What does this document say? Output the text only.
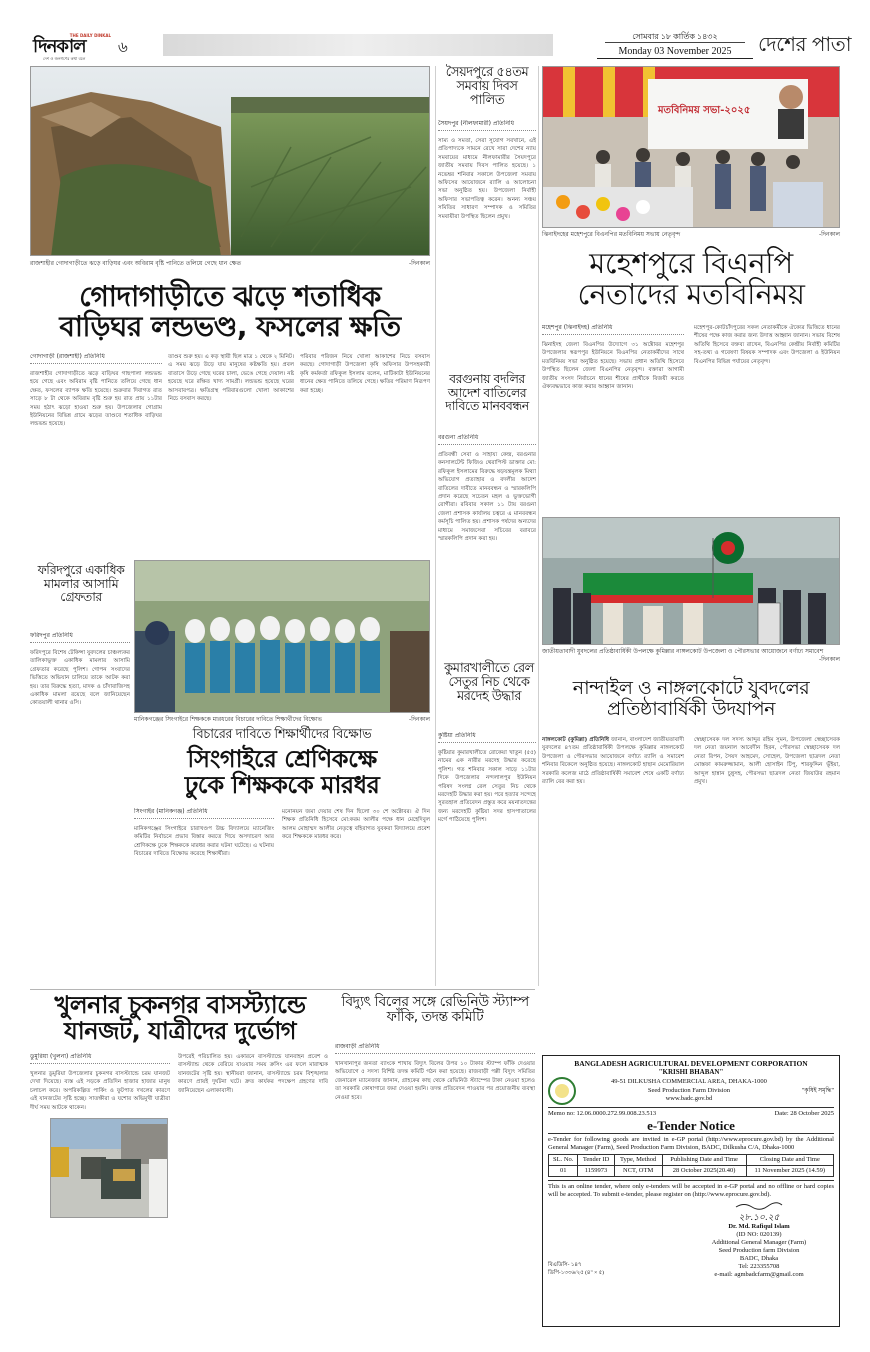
THE DAILY DINKAL
দিনকাল
দেশ ও জনগণের কথা বলে
৬
সোমবার ১৮ কার্তিক ১৪৩২
Monday 03 November 2025	দেশের পাতা
রাজশাহীর গোদাগাড়ীতে ঝড়ে বাড়িঘর এবং অবিরাম বৃষ্টি পানিতে তলিয়ে গেছে ধান ক্ষেত	-দিনকাল
গোদাগাড়ীতে ঝড়ে শতাধিক
বাড়িঘর লন্ডভণ্ড, ফসলের ক্ষতি
গোদাগাড়ী (রাজশাহী) প্রতিনিধি
রাজশাহীর গোদাগাড়ীতে ঝড়ে বাড়িঘর গাছপালা লন্ডভন্ড হয়ে গেছে এবং অবিরাম বৃষ্টি পানিতে তলিয়ে গেছে ধান ক্ষেত, ফসলের ব্যাপক ক্ষতি হয়েছে। শুক্রবার দিবাগত রাত সাড়ে ৮ টা থেকে অবিরাম বৃষ্টি শুরু হয় রাত প্রায় ১১টার সময় হঠাৎ ঝড়ো হাওয়া শুরু হয়। উপজেলার গোগ্রাম ইউনিয়নের বিভিন্ন গ্রামে ঝড়ের তাণ্ডবে শতাধিক বাড়িঘর লন্ডভন্ড হয়েছে।
তাণ্ডব শুরু হয়। এ কড় স্থায়ী ছিল মাত্র ১ থেকে ২ মিনিট। এ সময় ঝড়ে উড়ে যায় মানুষের কষ্টক্ষতি হয়। প্রবল বাতাসে উড়ে গেছে ঘরের চালা, ভেঙে গেছে দেয়াল। নষ্ট হয়েছে ঘরে রক্ষিত খাদ্য সামগ্রী। লন্ডভন্ড হয়েছে ঘরের আসবাবপত্র। ক্ষতিগ্রস্থ পরিবারগুলো খোলা আকাশের নিচে বসবাস করছে।
পরিবার পরিজন নিয়ে খোলা আকাশের নিচে বসবাস করছে। গোদাগাড়ী উপজেলা কৃষি অফিসার উপসহকারী কৃষি কর্মকর্তা রফিকুল ইসলাম বলেন, মাটিকাটা ইউনিয়নের ধানের ক্ষেত পানিতে তলিয়ে গেছে। ক্ষতির পরিমাণ নিরূপণ করা হচ্ছে।
সৈয়দপুরে ৫৪তম সমবায় দিবস পালিত
সৈয়দপুর (নীলফামারী) প্রতিনিধি
সাম্য ও সমতা, সেরা সুযোগ সবখানে, এই প্রতিপাদ্যকে সামনে রেখে সারা দেশের ন্যায় সমবায়ের মাধ্যমে নীলফামারীর সৈয়দপুরে জাতীয় সমবায় দিবস পালিত হয়েছে। ১ নভেম্বর শনিবার সকালে উপজেলা সমবায় অফিসের আয়োজনে র‍্যালি ও আলোচনা সভা অনুষ্ঠিত হয়। উপজেলা নির্বাহী অফিসার সভাপতিত্ব করেন। অনন্য সঞ্চয় সমিতির সাধারণ সম্পাদক ও সমিতির সমবায়ীরা উপস্থিত ছিলেন প্রমুখ।
বরগুনায় বদলির আদেশ বাতিলের দাবিতে মানববন্ধন
বরগুনা প্রতিনিধি
প্রতিবন্ধী সেবা ও সাহায্য কেন্দ্র, বরগুনার কনসালটেন্ট ফিজিও থেরাপিস্ট ডাক্তার মো: রফিকুল ইসলামের বিরুদ্ধে ষড়যন্ত্রমূলক মিথ্যা অভিযোগ প্রত্যাহার ও বদলীর আদেশ বাতিলের দাবীতে মানববন্ধন ও স্মারকলিপি প্রদান করেছে সচেতন মহল ও ভুক্তভোগী রোগীরা। রবিবার সকাল ১১ টায় বরগুনা জেলা প্রশাসক কার্যালয় চত্বরে এ মানববন্ধন কর্মসূচি পালিত হয়। প্রশাসক পর্ষদের অন্যদের মাধ্যমে সমাজসেবা সচিবের বরাবরে স্মারকলিপি প্রদান করা হয়।
ফরিদপুরে একাধিক মামলার আসামি গ্রেফতার
ফরিদপুর প্রতিনিধি
ফরিদপুরে বিশেষ টেকিন্সা যুবদলের চাঞ্চল্যকর তালিকাভুক্ত একাধিক মামলার আসামি গ্রেফতার করেছে পুলিশ। গোপন সংবাদের ভিত্তিতে অভিযান চালিয়ে তাকে আটক করা হয়। তার বিরুদ্ধে হত্যা, মাদক ও চাঁদাবাজিসহ একাধিক মামলা রয়েছে বলে জানিয়েছেন কোতয়ালী থানার ওসি।
মানিকগঞ্জের সিংগাইরে শিক্ষককে মারধরের বিচারের দাবিতে শিক্ষার্থীদের বিক্ষোভ	-দিনকাল
বিচারের দাবিতে শিক্ষার্থীদের বিক্ষোভ
সিংগাইরে শ্রেণিকক্ষে
ঢুকে শিক্ষককে মারধর
সিংগাইর (মানিকগঞ্জ) প্রতিনিধি
মানিকগঞ্জের সিংগাইরে চারাখণ্ডপ উচ্চ বিদ্যালয়ে ম্যানেজিং কমিটির নির্বাচনে প্রভাব বিস্তার করতে গিয়ে অসদাচরণ আর শ্রেণিকক্ষে ঢুকে শিক্ষককে মারধর করার ঘটনা ঘটেছে। এ ঘটনায় বিচারের দাবিতে বিক্ষোভ করেছে শিক্ষার্থীরা।
মনোনয়ন জমা দেয়ার শেষ দিন ছিলো ৩০ শে অক্টোবর। ঐ দিন শিক্ষক প্রতিনিধি হিসেবে মো:করম আলীর পক্ষে ধান মেহেদিবুল আলম মোহাম্মদ আলীর নেতৃত্বে বহিরাগত যুবকরা বিদ্যালয়ে প্রবেশ করে শিক্ষককে মারধর করে।
কুমারখালীতে রেল সেতুর নিচ থেকে মরদেহ উদ্ধার
কুষ্টিয়া প্রতিনিধি
কুষ্টিয়ার কুমারখালীতে রোকেয়া খাতুন (৫৫) নামের এক নারীর মরদেহ উদ্ধার করেছে পুলিশ। গত শনিবার সকাল সাড়ে ১১টার দিকে উপজেলার নন্দলালপুর ইউনিয়ন পরিষদ সংলগ্ন রেল সেতুর নিচ থেকে মরদেহটি উদ্ধার করা হয়। পরে হত্যার সন্দেহে সুরতহাল প্রতিবেদন প্রস্তুত করে ময়নাতদন্তের জন্য মরদেহটি কুষ্টিয়া সদর হাসপাতালের মর্গে পাঠিয়েছে পুলিশ।
মতবিনিময় সভা-২০২৫
ঝিনাইদহের মহেশপুরে বিএনপির মতবিনিময় সভায় নেতৃবৃন্দ	-দিনকাল
মহেশপুরে বিএনপি
নেতাদের মতবিনিময়
মহেশপুর (ঝিনাইদহ) প্রতিনিধি
ঝিনাইদহ জেলা বিএনপির উদ্যোগে ৩১ অক্টোবর মহেশপুর উপজেলার স্বরূপপুর ইউনিয়নে বিএনপির নেতাকর্মীদের সাথে মতবিনিময় সভা অনুষ্ঠিত হয়েছে। সভায় প্রধান অতিথি হিসেবে উপস্থিত ছিলেন জেলা বিএনপির নেতৃবৃন্দ। বক্তারা আগামী জাতীয় সংসদ নির্বাচনে ধানের শীষের প্রার্থীকে বিজয়ী করতে ঐক্যবদ্ধভাবে কাজ করার আহ্বান জানান।
মহেশপুর-কোটচাঁদপুরের সকল নেতাকর্মীকে ঐক্যের ভিত্তিতে ধানের শীষের পক্ষে কাজ করার জন্য উদাত্ত আহ্বান জানান। সভায় বিশেষ অতিথি হিসেবে বক্তব্য রাখেন, বিএনপির কেন্দ্রীয় নির্বাহী কমিটির সহ-তথ্য ও গবেষণা বিষয়ক সম্পাদক এবং উপজেলা ও ইউনিয়ন বিএনপির বিভিন্ন পর্যায়ের নেতৃবৃন্দ।
জাতীয়তাবাদী যুবদলের প্রতিষ্ঠাবার্ষিকী উপলক্ষে কুমিল্লার নাঙ্গলকোট উপজেলা ও পৌরসভার আয়োজনে বর্ণাঢ্য সমাবেশ
-দিনকাল
নান্দাইল ও নাঙ্গলকোটে যুবদলের
প্রতিষ্ঠাবার্ষিকী উদযাপন
নাঙ্গলকোট (কুমিল্লা) প্রতিনিধি জানান, বাংলাদেশ জাতীয়তাবাদী যুবদলের ৪৭তম প্রতিষ্ঠাবার্ষিকী উপলক্ষে কুমিল্লার নাঙ্গলকোট উপজেলা ও পৌরসভার আয়োজনে বর্ণাঢ্য র‍্যালি ও সমাবেশ শনিবার বিকেলে অনুষ্ঠিত হয়েছে। নাঙ্গলকোট হাছান মেমোরিয়াল সরকারি কলেজ মাঠে প্রতিষ্ঠাবার্ষিকী সমাবেশ শেষে একটি বর্ণাঢ্য র‍্যালি বের করা হয়।
স্বেচ্ছাসেবক দল সদস্য আব্দুর রহিম সুমন, উপজেলা স্বেচ্ছাসেবক দল নেতা জয়নাল আবেদীন হিরন, পৌরসভা স্বেচ্ছাসেবক দল নেতা রিপন, সৈয়দ আহমেদ, সোহেল, উপজেলা ছাত্রদল নেতা মোস্তফা কামরুজ্জামান, আলী হোসাইন টিপু, শারফুদ্দিন ভূঁইয়া, আব্দুল হান্নান চুন্নুসহ, পৌরসভা ছাত্রদল নেতা জিয়াউর রহমান প্রমুখ।
খুলনার চুকনগর বাসস্ট্যান্ডে
যানজট, যাত্রীদের দুর্ভোগ
ডুমুরিয়া (খুলনা) প্রতিনিধি
খুলনার ডুমুরিয়া উপজেলার চুকনগর বাসস্ট্যান্ডে চরম যানজট দেখা দিয়েছে। ব্যস্ত এই সড়কে প্রতিদিন হাজার হাজার মানুষ চলাচল করে। অপরিকল্পিত পার্কিং ও ফুটপাত দখলের কারণে এই যানজটের সৃষ্টি হচ্ছে। সাতক্ষীরা ও যশোর অভিমুখী যাত্রীরা দীর্ঘ সময় আটকে থাকেন।
উপরেই পরিচালিত হয়। একারনে বাসস্ট্যান্ডে যানবাহন প্রবেশ ও বাসস্ট্যান্ড থেকে বেরিয়ে যাওয়ার সময় ক্রসিং এর ফলে মারাত্মক যানজটের সৃষ্টি হয়। স্থানীয়রা জানান, বাসস্ট্যান্ডে চরম বিশৃঙ্খলার কারণে প্রায়ই দুর্ঘটনা ঘটে। দ্রুত কার্যকর পদক্ষেপ গ্রহণের দাবি জানিয়েছেন এলাকাবাসী।
বিদ্যুৎ বিলের সঙ্গে রেভিনিউ স্ট্যাম্প ফাঁকি, তদন্ত কমিটি
রাজবাড়ী প্রতিনিধি
খানখানাপুর জনতা ব্যাংকে শাখায় বিদ্যুৎ বিলের উপর ১০ টাকার স্ট্যাম্প ফাঁকি দেওয়ার অভিযোগে ৫ সদস্য বিশিষ্ট তদন্ত কমিটি গঠন করা হয়েছে। রাজবাড়ী পল্লী বিদ্যুৎ সমিতির জেনারেল ম্যানেজার জানান, গ্রাহকের কাছ থেকে রেভিনিউ স্ট্যাম্পের টাকা নেওয়া হলেও তা সরকারি কোষাগারে জমা দেওয়া হয়নি। তদন্ত প্রতিবেদন পাওয়ার পর প্রয়োজনীয় ব্যবস্থা নেওয়া হবে।
BANGLADESH AGRICULTURAL DEVELOPMENT CORPORATION
"KRISHI BHABAN"
49-51 DILKUSHA COMMERCIAL AREA, DHAKA-1000
Seed Production Farm Division
www.badc.gov.bd
"কৃষিই সমৃদ্ধি"
Memo no: 12.06.0000.272.99.008.23.513	Date: 28 October 2025
e-Tender Notice
e-Tender for following goods are invited in e-GP portal (http://www.eprocure.gov.bd) by the Additional General Manager (Farm), Seed Production Farm Division, BADC, Dilkusha C/A, Dhaka-1000
SL. No.	Tender ID	Type, Method	Publishing Date and Time	Closing Date and Time
01	1159973	NCT, OTM	28 October 2025(20.40)	11 November 2025 (14.59)
This is an online tender, where only e-tenders will be accepted in e-GP portal and no offline or hard copies will be accepted. To submit e-tender, please register on (http://www.eprocure.gov.bd).
বিএডিসি- ১৪৭
ডিপি-১৩৩৬/২৫ (৪" × ৫)
২৮.১০.২৫
Dr. Md. Rafiqul Islam
(ID NO: 020139)
Additional General Manager (Farm)
Seed Production farm Division
BADC, Dhaka
Tel: 223355708
e-mail: agmbadcfarm@gmail.com
